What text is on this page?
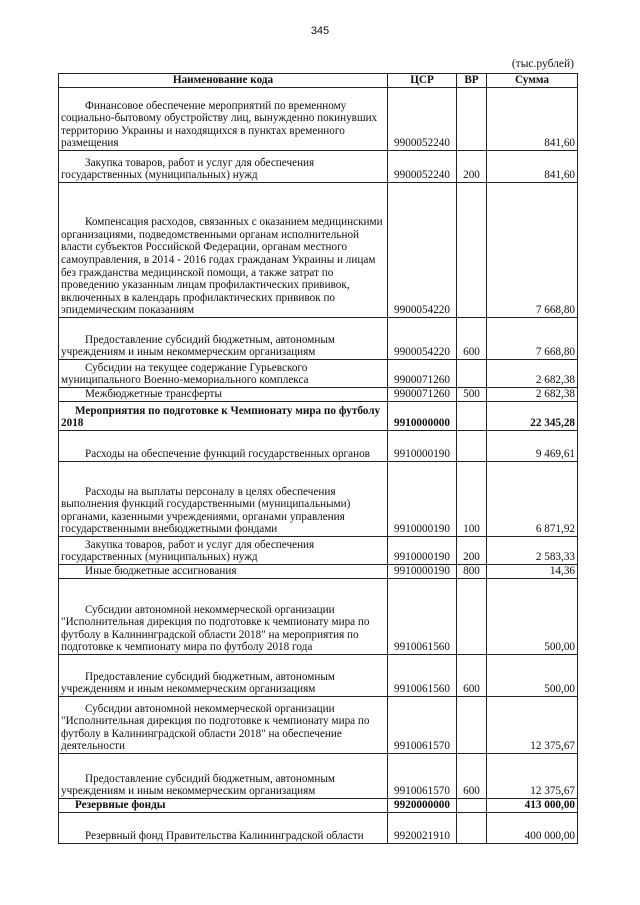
345
(тыс.рублей)
Наименование кода	ЦСР	ВР	Сумма
Финансовое обеспечение мероприятий по временному социально-бытовому обустройству лиц, вынужденно покинувших территорию Украины и находящихся в пунктах временного размещения	9900052240		841,60
Закупка товаров, работ и услуг для обеспечения государственных (муниципальных) нужд	9900052240	200	841,60
Компенсация расходов, связанных с оказанием медицинскими организациями, подведомственными органам исполнительной власти субъектов Российской Федерации, органам местного самоуправления, в 2014 - 2016 годах гражданам Украины и лицам без гражданства медицинской помощи, а также затрат по проведению указанным лицам профилактических прививок, включенных в календарь профилактических прививок по эпидемическим показаниям	9900054220		7 668,80
Предоставление субсидий бюджетным, автономным учреждениям и иным некоммерческим организациям	9900054220	600	7 668,80
Субсидии на текущее содержание Гурьевского муниципального Военно-мемориального комплекса	9900071260		2 682,38
Межбюджетные трансферты	9900071260	500	2 682,38
Мероприятия по подготовке к Чемпионату мира по футболу 2018	9910000000		22 345,28
Расходы на обеспечение функций государственных органов	9910000190		9 469,61
Расходы на выплаты персоналу в целях обеспечения выполнения функций государственными (муниципальными) органами, казенными учреждениями, органами управления государственными внебюджетными фондами	9910000190	100	6 871,92
Закупка товаров, работ и услуг для обеспечения государственных (муниципальных) нужд	9910000190	200	2 583,33
Иные бюджетные ассигнования	9910000190	800	14,36
Субсидии автономной некоммерческой организации "Исполнительная дирекция по подготовке к чемпионату мира по футболу в Калининградской области 2018" на мероприятия по подготовке к чемпионату мира по футболу 2018 года	9910061560		500,00
Предоставление субсидий бюджетным, автономным учреждениям и иным некоммерческим организациям	9910061560	600	500,00
Субсидии автономной некоммерческой организации "Исполнительная дирекция по подготовке к чемпионату мира по футболу в Калининградской области 2018" на обеспечение деятельности	9910061570		12 375,67
Предоставление субсидий бюджетным, автономным учреждениям и иным некоммерческим организациям	9910061570	600	12 375,67
Резервные фонды	9920000000		413 000,00
Резервный фонд Правительства Калининградской области	9920021910		400 000,00
